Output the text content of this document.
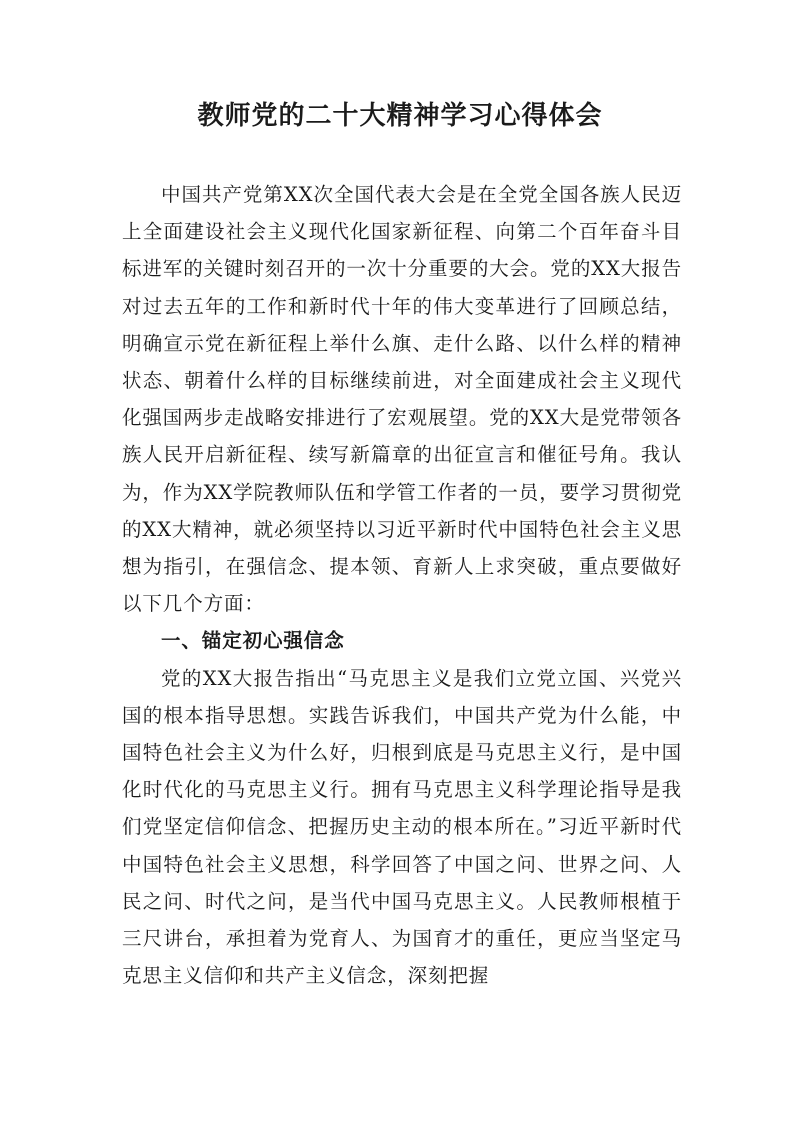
教师党的二十大精神学习心得体会

中国共产党第XX次全国代表大会是在全党全国各族人民迈上全面建设社会主义现代化国家新征程、向第二个百年奋斗目标进军的关键时刻召开的一次十分重要的大会。党的XX大报告对过去五年的工作和新时代十年的伟大变革进行了回顾总结，明确宣示党在新征程上举什么旗、走什么路、以什么样的精神状态、朝着什么样的目标继续前进，对全面建成社会主义现代化强国两步走战略安排进行了宏观展望。党的XX大是党带领各族人民开启新征程、续写新篇章的出征宣言和催征号角。我认为，作为XX学院教师队伍和学管工作者的一员，要学习贯彻党的XX大精神，就必须坚持以习近平新时代中国特色社会主义思想为指引，在强信念、提本领、育新人上求突破，重点要做好以下几个方面：

一、锚定初心强信念

党的XX大报告指出“马克思主义是我们立党立国、兴党兴国的根本指导思想。实践告诉我们，中国共产党为什么能，中国特色社会主义为什么好，归根到底是马克思主义行，是中国化时代化的马克思主义行。拥有马克思主义科学理论指导是我们党坚定信仰信念、把握历史主动的根本所在。”习近平新时代中国特色社会主义思想，科学回答了中国之问、世界之问、人民之问、时代之问，是当代中国马克思主义。人民教师根植于三尺讲台，承担着为党育人、为国育才的重任，更应当坚定马克思主义信仰和共产主义信念，深刻把握
